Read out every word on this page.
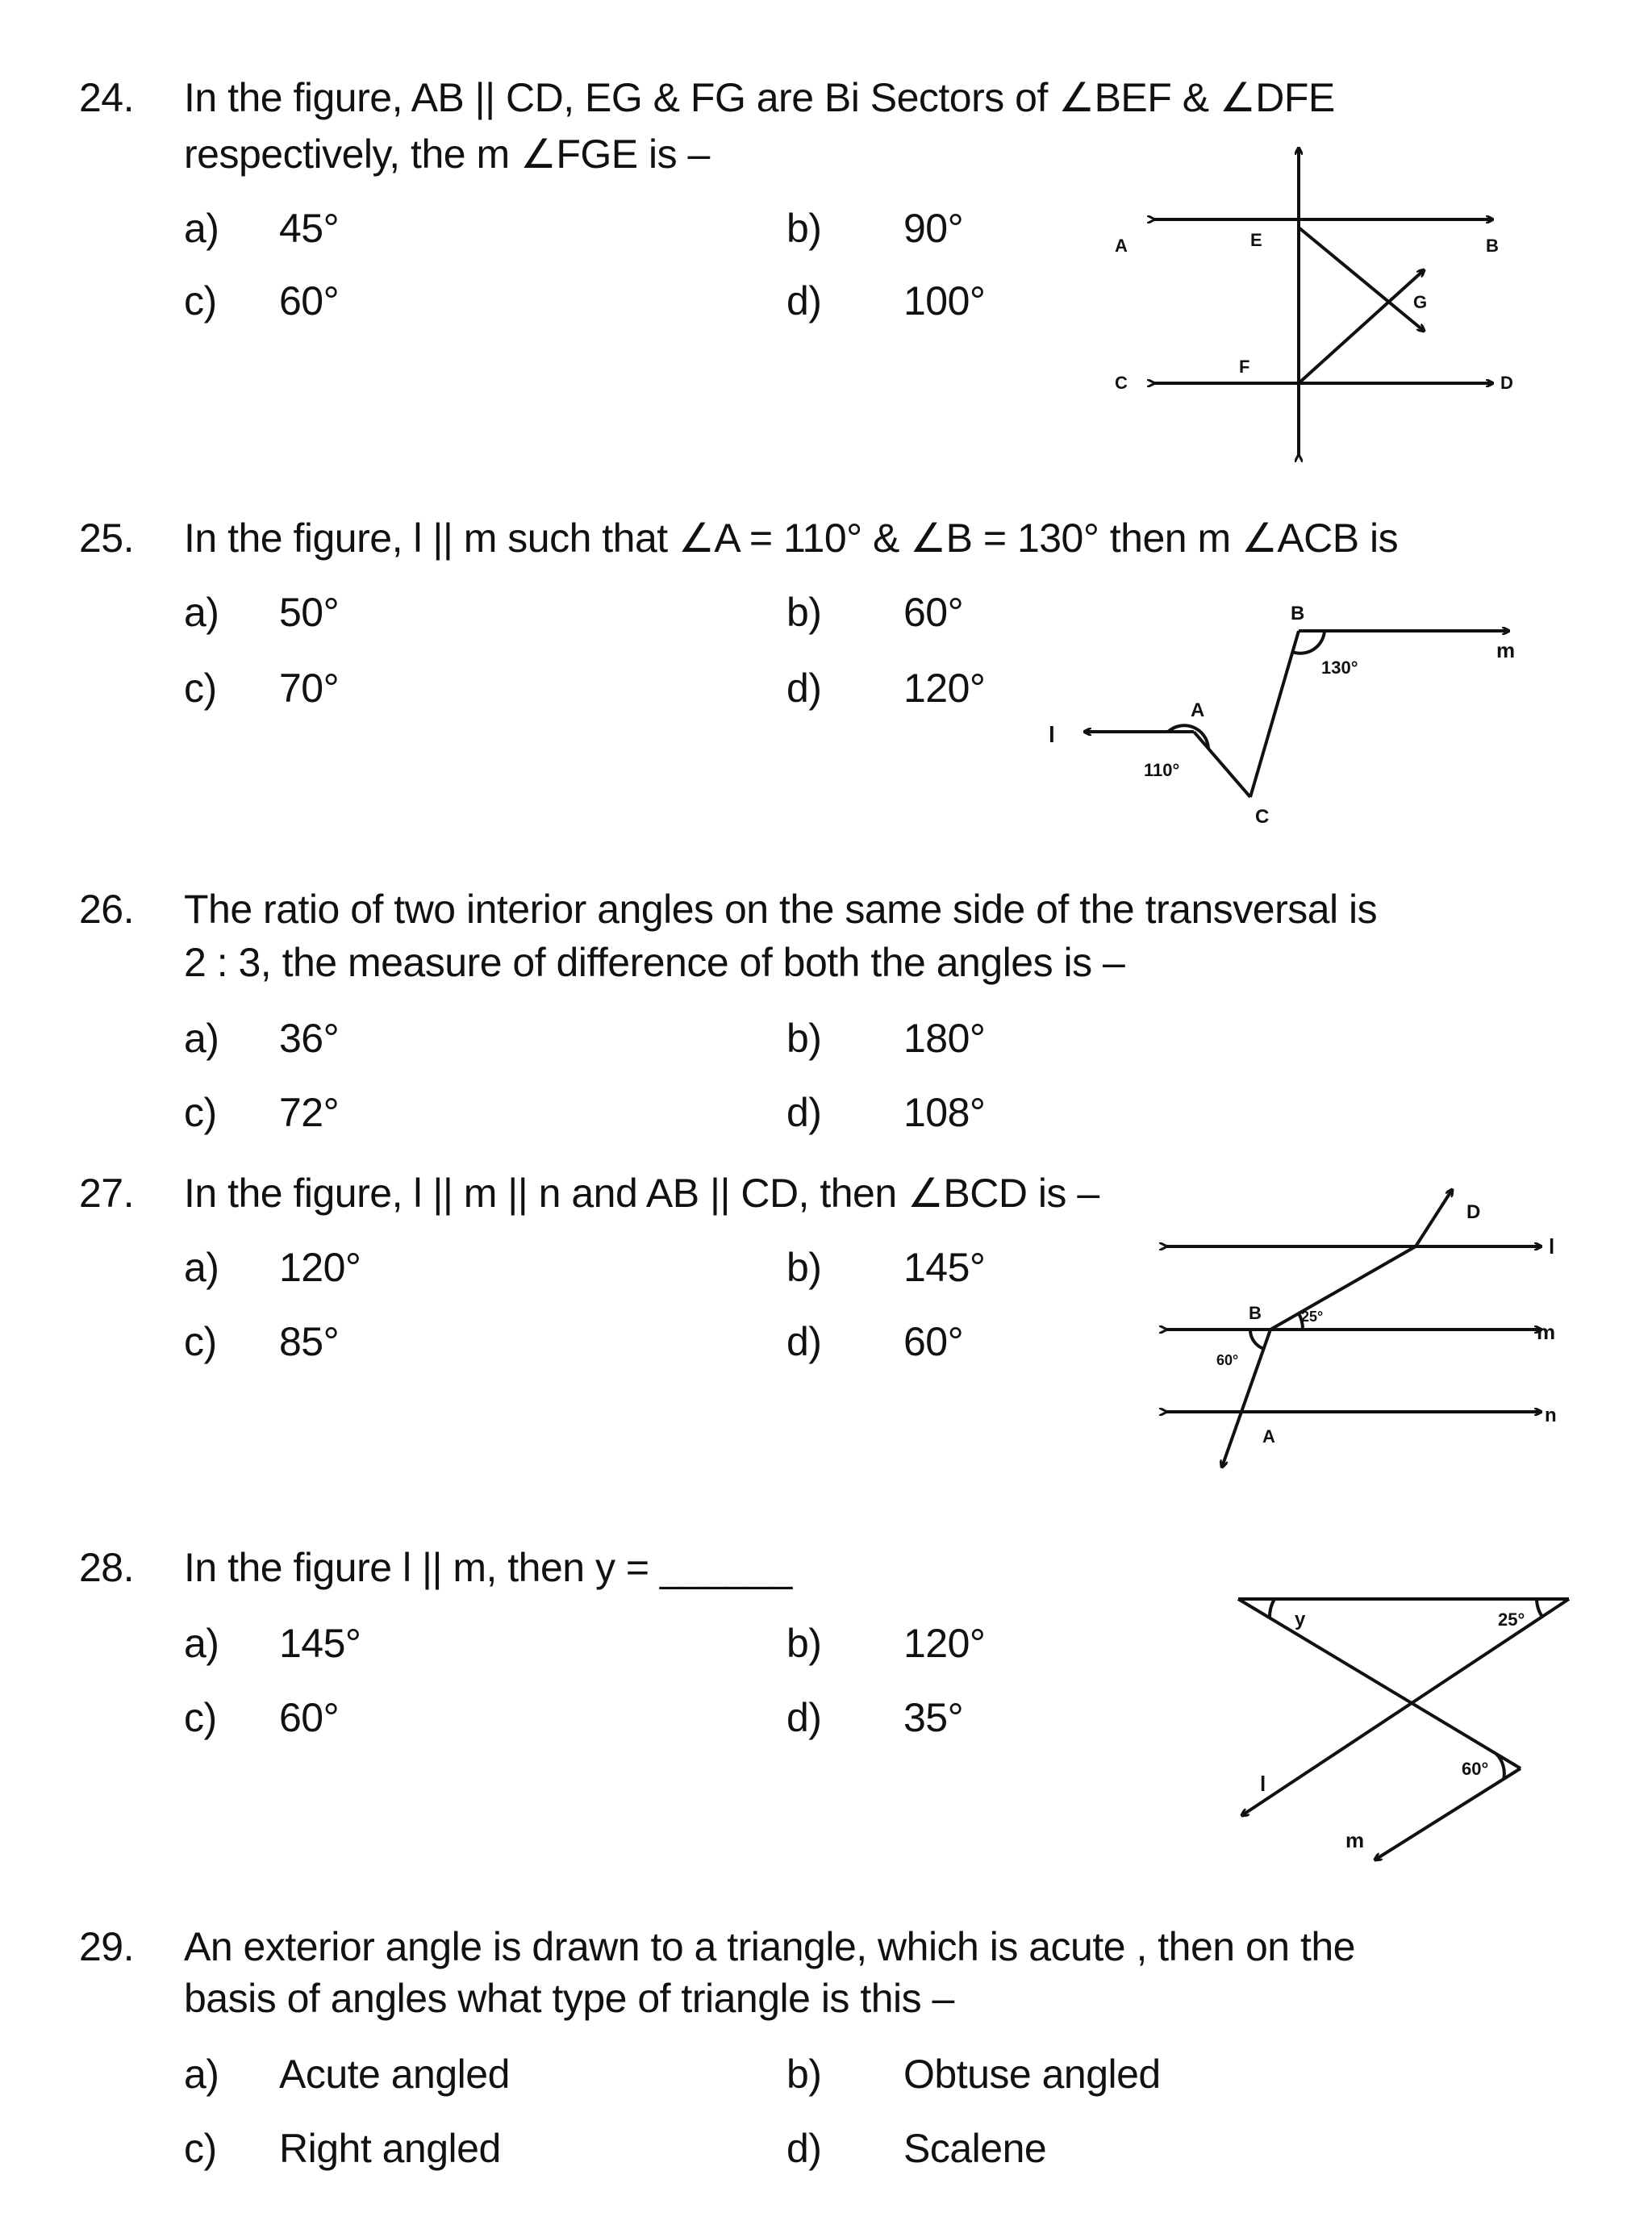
24. In the figure, AB || CD, EG & FG are Bi Sectors of ∠BEF & ∠DFE
respectively, the m ∠FGE is –
a) 45°	b) 90°
c) 60°	d) 100°
A	B
C	D
E
F
G
25. In the figure, l || m such that ∠A = 110° & ∠B = 130° then m ∠ACB is
a) 50°	b) 60°
c) 70°	d) 120°
B
130°
m
A
l
110°
C
26. The ratio of two interior angles on the same side of the transversal is
2 : 3, the measure of difference of both the angles is –
a) 36°	b) 180°
c) 72°	d) 108°
27. In the figure, l || m || n and AB || CD, then ∠BCD is –
a) 120°	b) 145°
c) 85°	d) 60°
D
l
B	25°
m
60°
n
A
28. In the figure l || m, then y = ______
a) 145°	b) 120°
c) 60°	d) 35°
y	25°
60°
l
m
29. An exterior angle is drawn to a triangle, which is acute , then on the
basis of angles what type of triangle is this –
a) Acute angled	b) Obtuse angled
c) Right angled	d) Scalene
